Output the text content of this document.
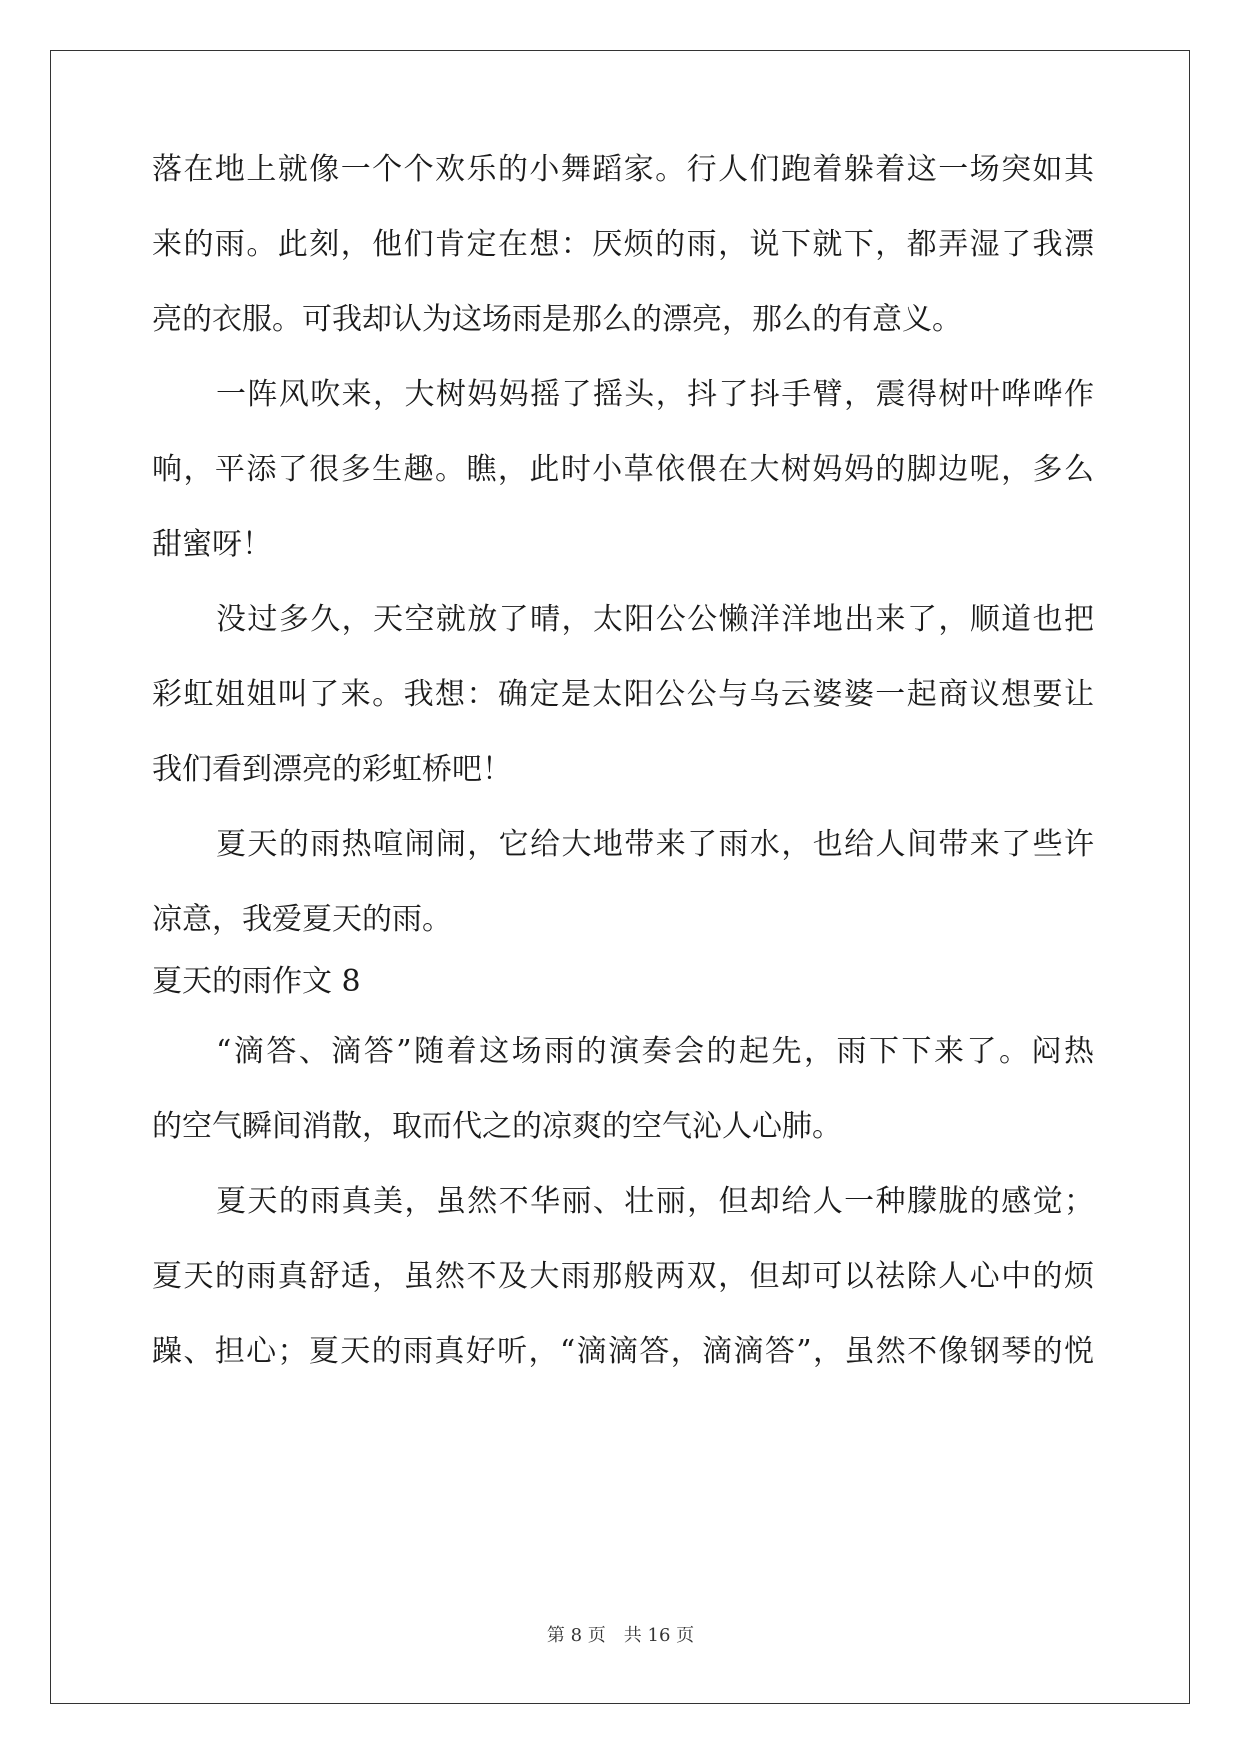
落在地上就像一个个欢乐的小舞蹈家。行人们跑着躲着这一场突如其
来的雨。此刻，他们肯定在想：厌烦的雨，说下就下，都弄湿了我漂
亮的衣服。可我却认为这场雨是那么的漂亮，那么的有意义。
一阵风吹来，大树妈妈摇了摇头，抖了抖手臂，震得树叶哗哗作
响，平添了很多生趣。瞧，此时小草依偎在大树妈妈的脚边呢，多么
甜蜜呀！
没过多久，天空就放了晴，太阳公公懒洋洋地出来了，顺道也把
彩虹姐姐叫了来。我想：确定是太阳公公与乌云婆婆一起商议想要让
我们看到漂亮的彩虹桥吧！
夏天的雨热喧闹闹，它给大地带来了雨水，也给人间带来了些许
凉意，我爱夏天的雨。
夏天的雨作文 8
“滴答、滴答”随着这场雨的演奏会的起先，雨下下来了。闷热
的空气瞬间消散，取而代之的凉爽的空气沁人心肺。
夏天的雨真美，虽然不华丽、壮丽，但却给人一种朦胧的感觉；
夏天的雨真舒适，虽然不及大雨那般两双，但却可以祛除人心中的烦
躁、担心；夏天的雨真好听，“滴滴答，滴滴答”，虽然不像钢琴的悦
第 8 页 共 16 页
